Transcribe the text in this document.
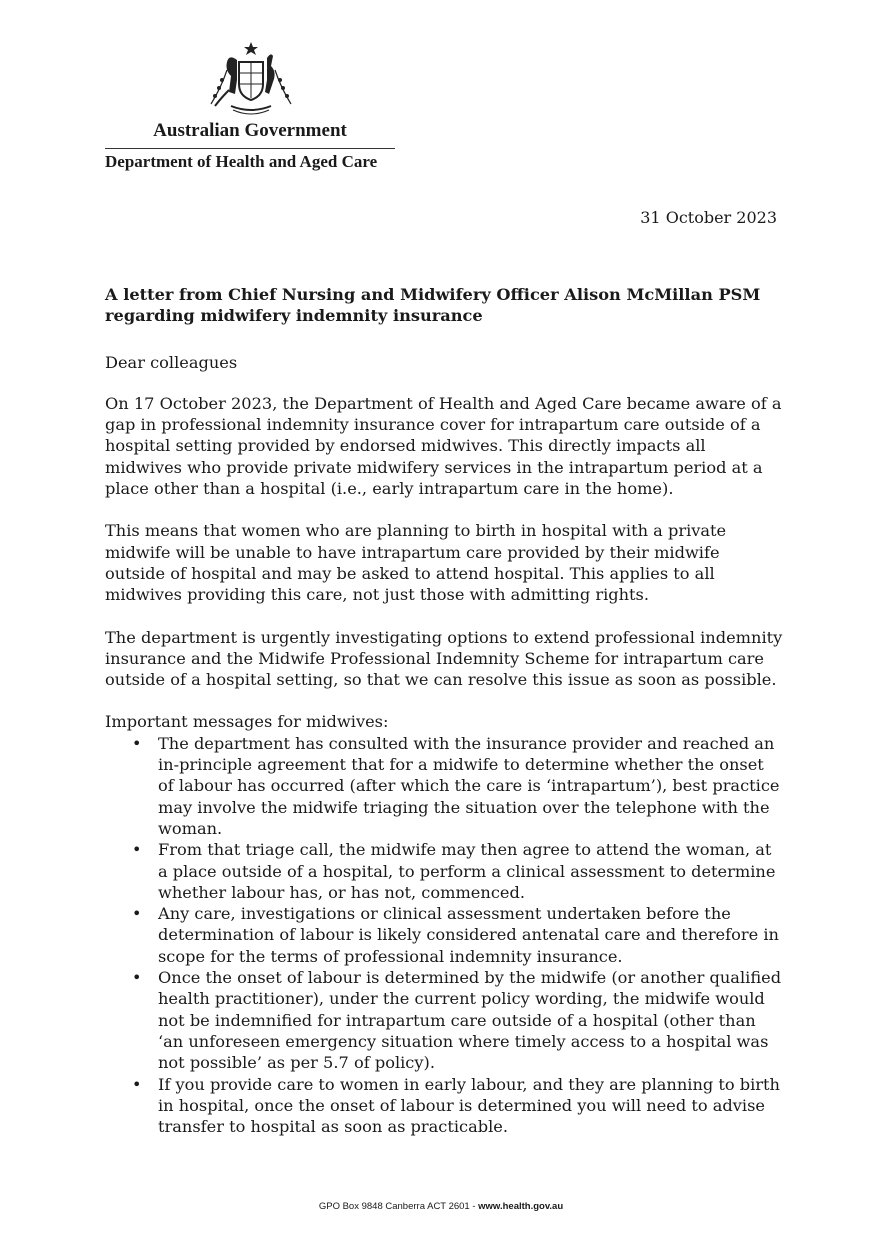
Australian Government
Department of Health and Aged Care
31 October 2023

A letter from Chief Nursing and Midwifery Officer Alison McMillan PSM regarding midwifery indemnity insurance

Dear colleagues

On 17 October 2023, the Department of Health and Aged Care became aware of a gap in professional indemnity insurance cover for intrapartum care outside of a hospital setting provided by endorsed midwives. This directly impacts all midwives who provide private midwifery services in the intrapartum period at a place other than a hospital (i.e., early intrapartum care in the home).

This means that women who are planning to birth in hospital with a private midwife will be unable to have intrapartum care provided by their midwife outside of hospital and may be asked to attend hospital. This applies to all midwives providing this care, not just those with admitting rights.

The department is urgently investigating options to extend professional indemnity insurance and the Midwife Professional Indemnity Scheme for intrapartum care outside of a hospital setting, so that we can resolve this issue as soon as possible.

Important messages for midwives:
• The department has consulted with the insurance provider and reached an in-principle agreement that for a midwife to determine whether the onset of labour has occurred (after which the care is ‘intrapartum’), best practice may involve the midwife triaging the situation over the telephone with the woman.
• From that triage call, the midwife may then agree to attend the woman, at a place outside of a hospital, to perform a clinical assessment to determine whether labour has, or has not, commenced.
• Any care, investigations or clinical assessment undertaken before the determination of labour is likely considered antenatal care and therefore in scope for the terms of professional indemnity insurance.
• Once the onset of labour is determined by the midwife (or another qualified health practitioner), under the current policy wording, the midwife would not be indemnified for intrapartum care outside of a hospital (other than ‘an unforeseen emergency situation where timely access to a hospital was not possible’ as per 5.7 of policy).
• If you provide care to women in early labour, and they are planning to birth in hospital, once the onset of labour is determined you will need to advise transfer to hospital as soon as practicable.
GPO Box 9848 Canberra ACT 2601 - www.health.gov.au
